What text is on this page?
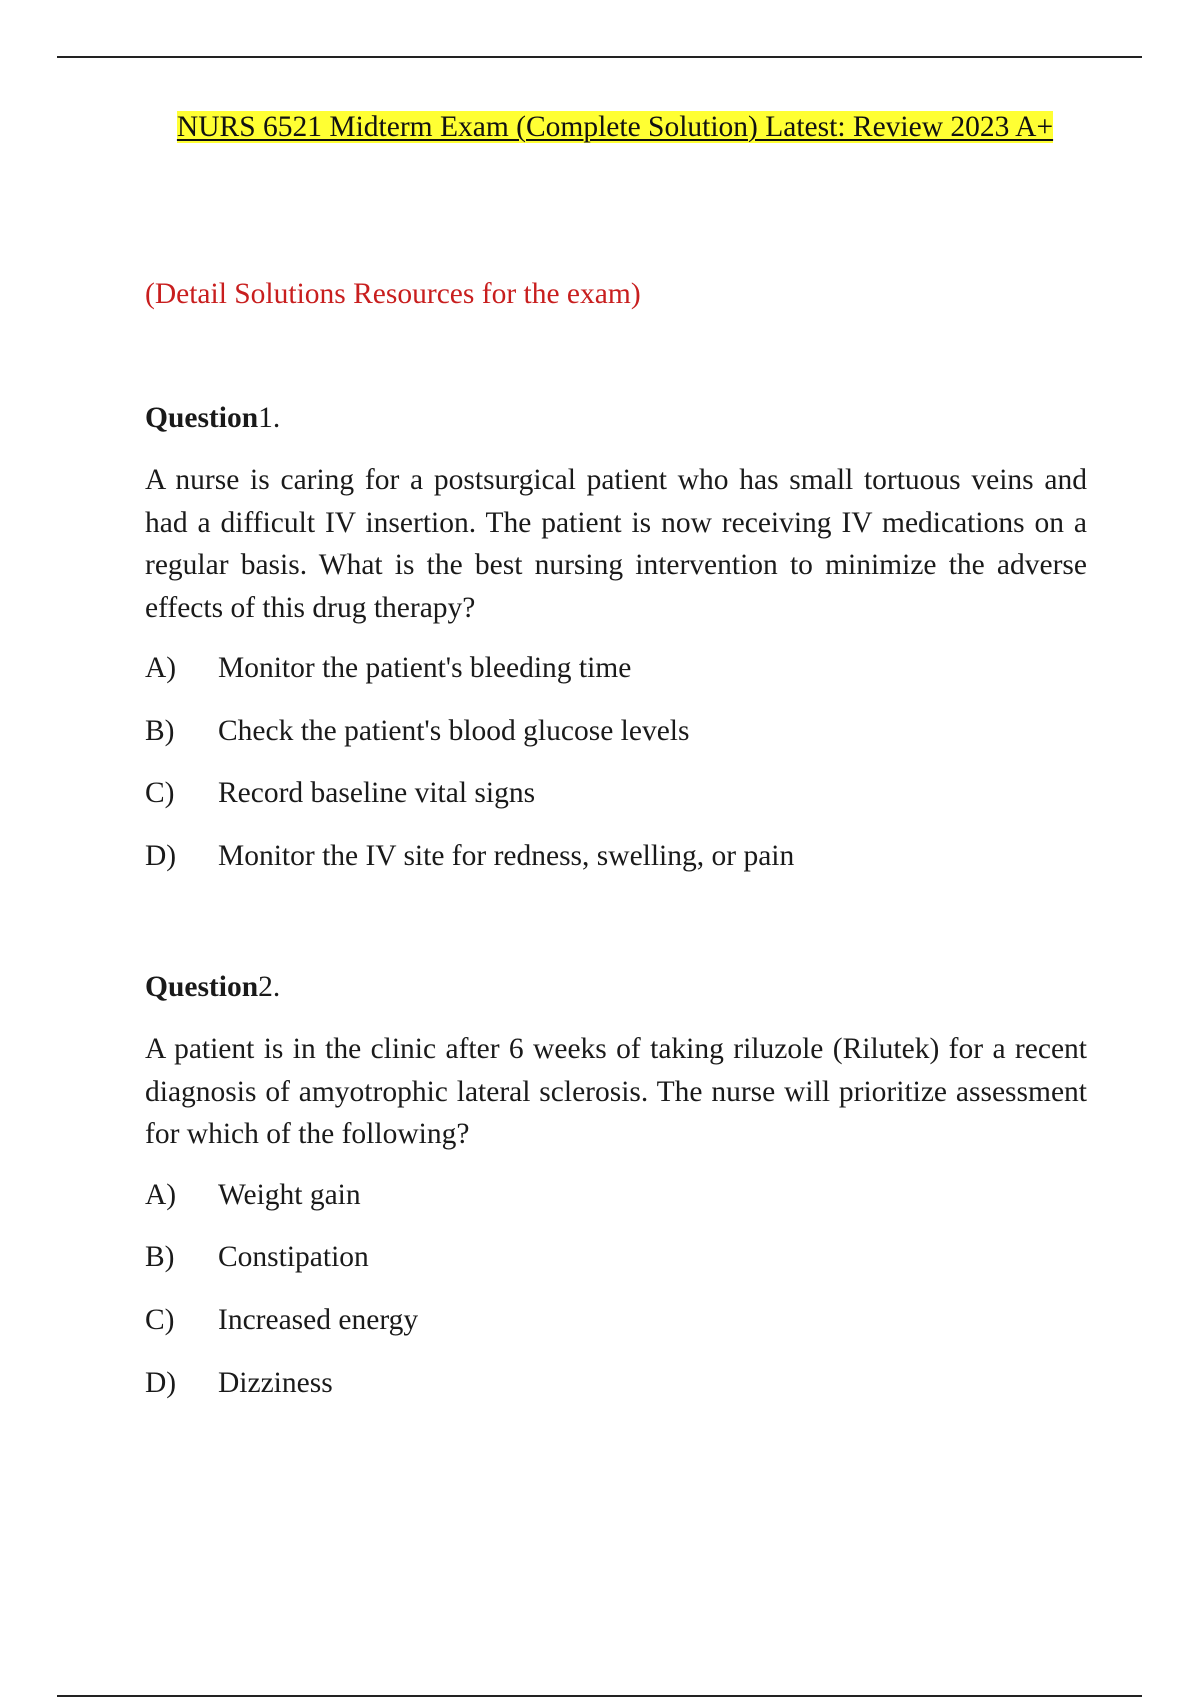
NURS 6521 Midterm Exam (Complete Solution) Latest: Review 2023 A+
(Detail Solutions Resources for the exam)

Question1.

A nurse is caring for a postsurgical patient who has small tortuous veins and had a difficult IV insertion. The patient is now receiving IV medications on a regular basis. What is the best nursing intervention to minimize the adverse effects of this drug therapy?

A)	Monitor the patient's bleeding time
B)	Check the patient's blood glucose levels
C)	Record baseline vital signs
D)	Monitor the IV site for redness, swelling, or pain

Question2.

A patient is in the clinic after 6 weeks of taking riluzole (Rilutek) for a recent diagnosis of amyotrophic lateral sclerosis. The nurse will prioritize assessment for which of the following?

A)	Weight gain
B)	Constipation
C)	Increased energy
D)	Dizziness
